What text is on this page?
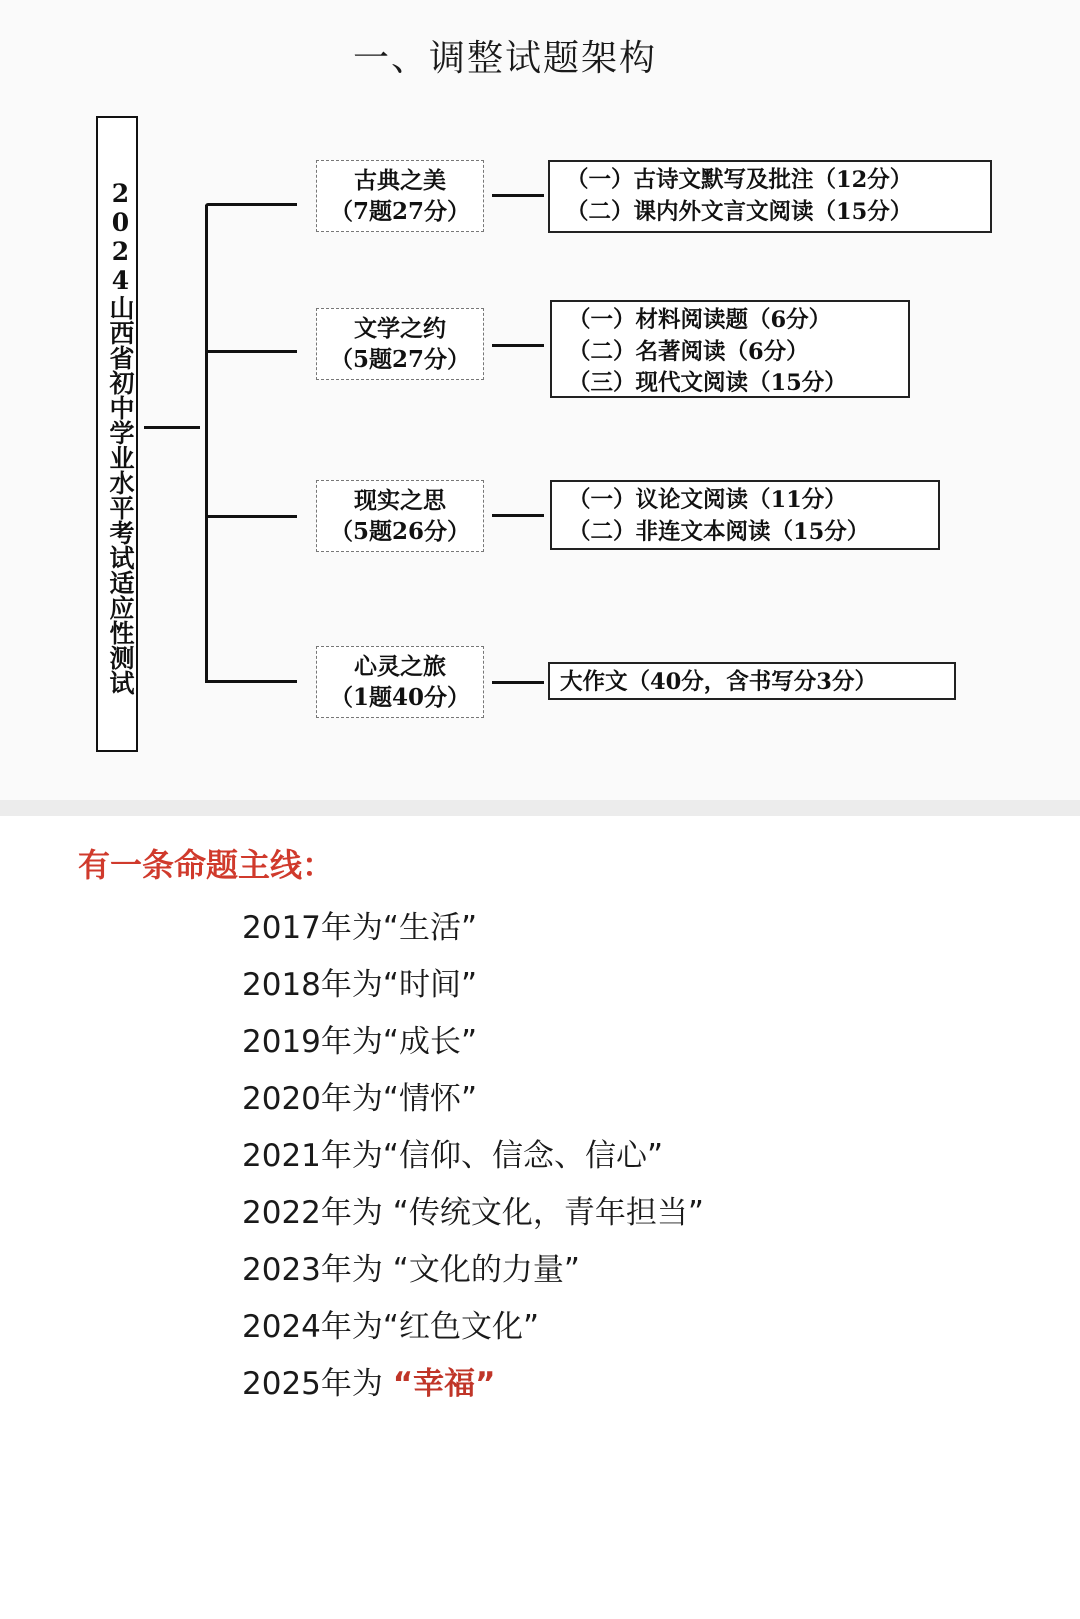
一、调整试题架构
2024山西省初中学业水平考试适应性测试
古典之美
（7题27分）
（一）古诗文默写及批注（12分）
（二）课内外文言文阅读（15分）
文学之约
（5题27分）
（一）材料阅读题（6分）
（二）名著阅读（6分）
（三）现代文阅读（15分）
现实之思
（5题26分）
（一）议论文阅读（11分）
（二）非连文本阅读（15分）
心灵之旅
（1题40分）
大作文（40分，含书写分3分）
有一条命题主线：
2017年为“生活”
2018年为“时间”
2019年为“成长”
2020年为“情怀”
2021年为“信仰、信念、信心”
2022年为 “传统文化，青年担当”
2023年为 “文化的力量”
2024年为“红色文化”
2025年为 “幸福”
